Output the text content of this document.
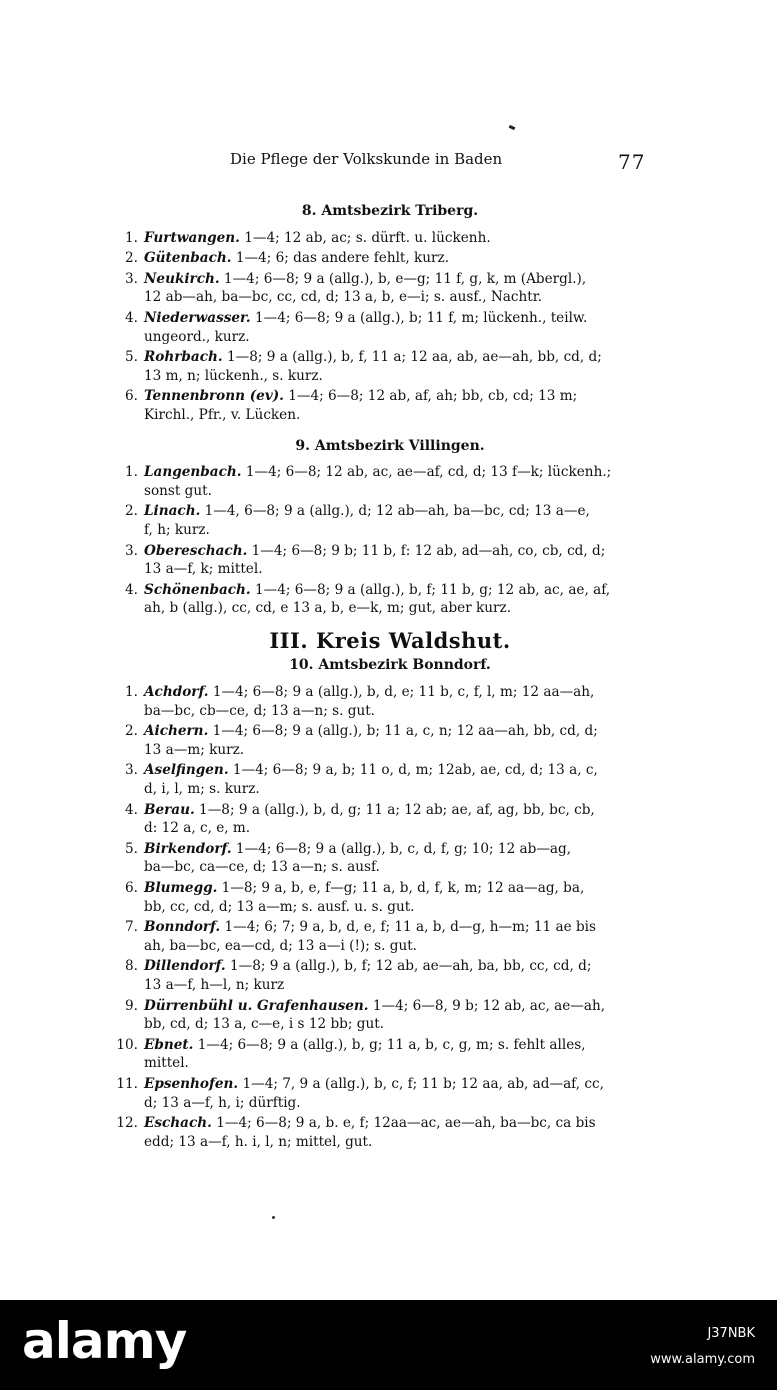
Die Pflege der Volkskunde in Baden	77
8. Amtsbezirk Triberg.
1. Furtwangen. 1—4; 12 ab, ac; s. dürft. u. lückenh.
2. Gütenbach. 1—4; 6; das andere fehlt, kurz.
3. Neukirch. 1—4; 6—8; 9 a (allg.), b, e—g; 11 f, g, k, m (Abergl.),
12 ab—ah, ba—bc, cc, cd, d; 13 a, b, e—i; s. ausf., Nachtr.
4. Niederwasser. 1—4; 6—8; 9 a (allg.), b; 11 f, m; lückenh., teilw.
ungeord., kurz.
5. Rohrbach. 1—8; 9 a (allg.), b, f, 11 a; 12 aa, ab, ae—ah, bb, cd, d;
13 m, n; lückenh., s. kurz.
6. Tennenbronn (ev). 1—4; 6—8; 12 ab, af, ah; bb, cb, cd; 13 m;
Kirchl., Pfr., v. Lücken.
9. Amtsbezirk Villingen.
1. Langenbach. 1—4; 6—8; 12 ab, ac, ae—af, cd, d; 13 f—k; lückenh.;
sonst gut.
2. Linach. 1—4, 6—8; 9 a (allg.), d; 12 ab—ah, ba—bc, cd; 13 a—e,
f, h; kurz.
3. Obereschach. 1—4; 6—8; 9 b; 11 b, f: 12 ab, ad—ah, co, cb, cd, d;
13 a—f, k; mittel.
4. Schönenbach. 1—4; 6—8; 9 a (allg.), b, f; 11 b, g; 12 ab, ac, ae, af,
ah, b (allg.), cc, cd, e 13 a, b, e—k, m; gut, aber kurz.
III. Kreis Waldshut.
10. Amtsbezirk Bonndorf.
1. Achdorf. 1—4; 6—8; 9 a (allg.), b, d, e; 11 b, c, f, l, m; 12 aa—ah,
ba—bc, cb—ce, d; 13 a—n; s. gut.
2. Aichern. 1—4; 6—8; 9 a (allg.), b; 11 a, c, n; 12 aa—ah, bb, cd, d;
13 a—m; kurz.
3. Aselfingen. 1—4; 6—8; 9 a, b; 11 o, d, m; 12ab, ae, cd, d; 13 a, c,
d, i, l, m; s. kurz.
4. Berau. 1—8; 9 a (allg.), b, d, g; 11 a; 12 ab; ae, af, ag, bb, bc, cb,
d: 12 a, c, e, m.
5. Birkendorf. 1—4; 6—8; 9 a (allg.), b, c, d, f, g; 10; 12 ab—ag,
ba—bc, ca—ce, d; 13 a—n; s. ausf.
6. Blumegg. 1—8; 9 a, b, e, f—g; 11 a, b, d, f, k, m; 12 aa—ag, ba,
bb, cc, cd, d; 13 a—m; s. ausf. u. s. gut.
7. Bonndorf. 1—4; 6; 7; 9 a, b, d, e, f; 11 a, b, d—g, h—m; 11 ae bis
ah, ba—bc, ea—cd, d; 13 a—i (!); s. gut.
8. Dillendorf. 1—8; 9 a (allg.), b, f; 12 ab, ae—ah, ba, bb, cc, cd, d;
13 a—f, h—l, n; kurz
9. Dürrenbühl u. Grafenhausen. 1—4; 6—8, 9 b; 12 ab, ac, ae—ah,
bb, cd, d; 13 a, c—e, i s 12 bb; gut.
10. Ebnet. 1—4; 6—8; 9 a (allg.), b, g; 11 a, b, c, g, m; s. fehlt alles,
mittel.
11. Epsenhofen. 1—4; 7, 9 a (allg.), b, c, f; 11 b; 12 aa, ab, ad—af, cc,
d; 13 a—f, h, i; dürftig.
12. Eschach. 1—4; 6—8; 9 a, b. e, f; 12aa—ac, ae—ah, ba—bc, ca bis
edd; 13 a—f, h. i, l, n; mittel, gut.
alamy	J37NBK
www.alamy.com
